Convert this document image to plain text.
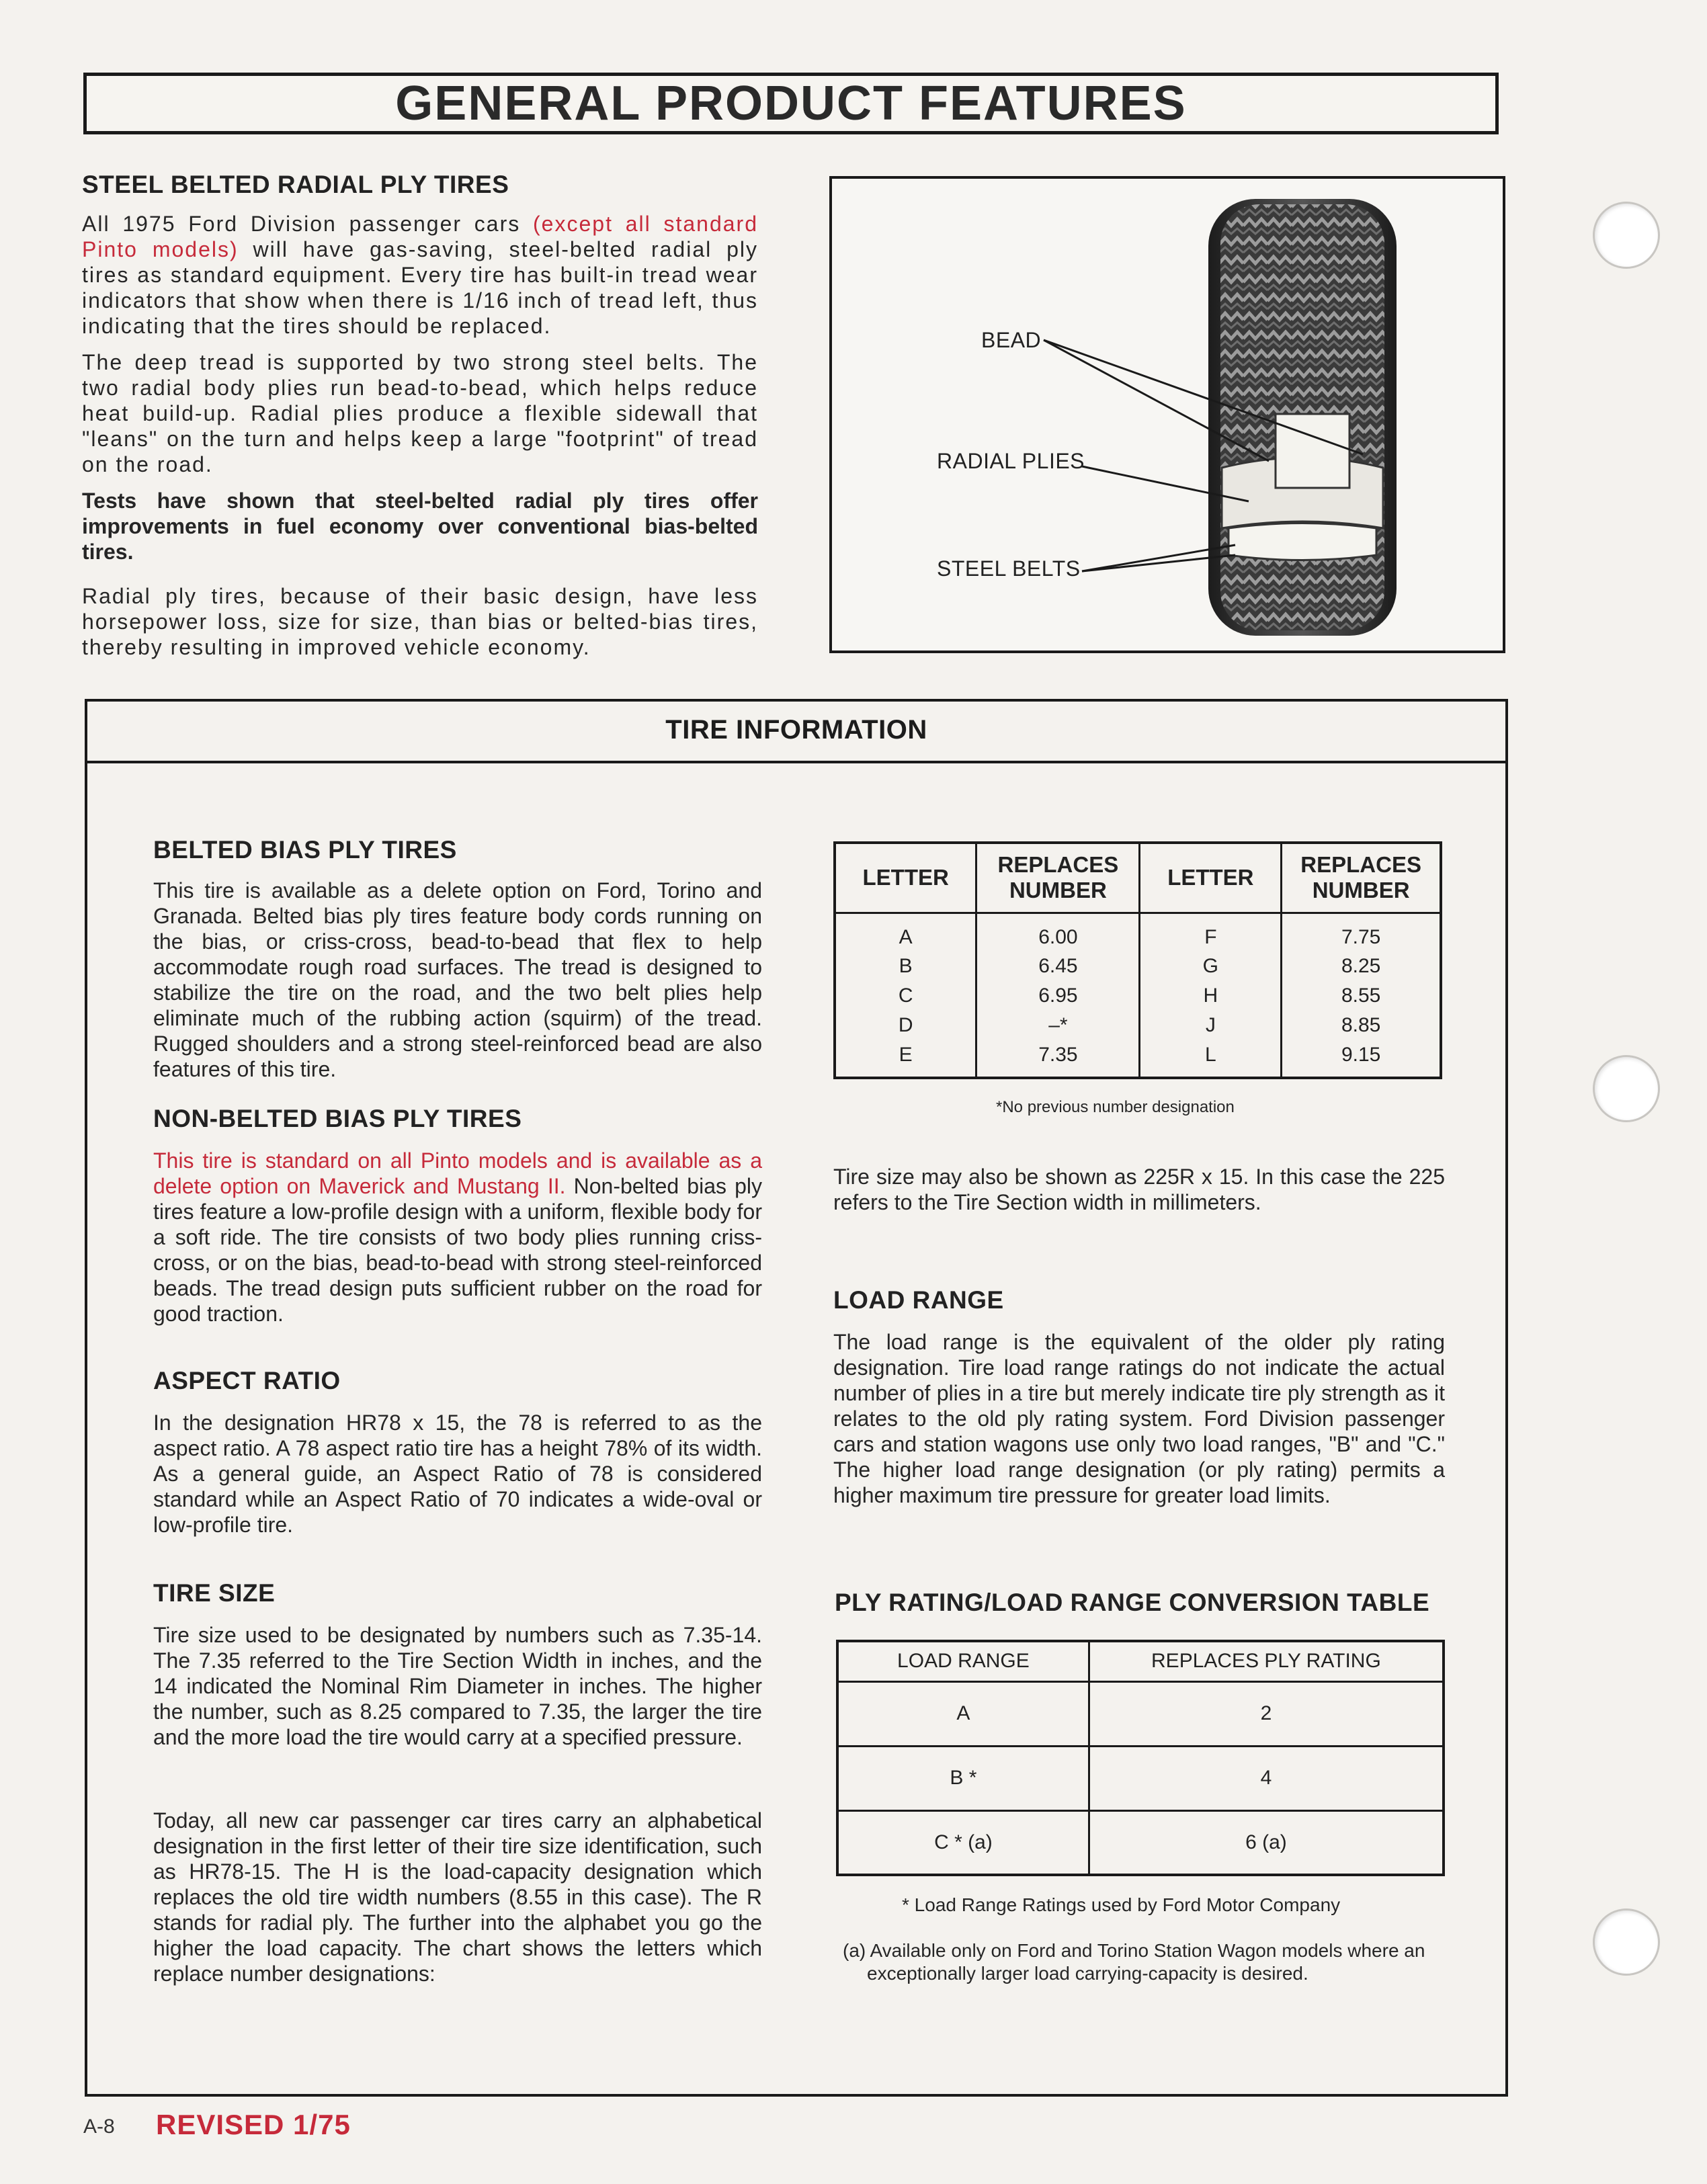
GENERAL PRODUCT FEATURES
STEEL BELTED RADIAL PLY TIRES

All 1975 Ford Division passenger cars (except all standard Pinto models) will have gas-saving, steel-belted radial ply tires as standard equipment. Every tire has built-in tread wear indicators that show when there is 1/16 inch of tread left, thus indicating that the tires should be replaced.

The deep tread is supported by two strong steel belts. The two radial body plies run bead-to-bead, which helps reduce heat build-up. Radial plies produce a flexible sidewall that "leans" on the turn and helps keep a large "footprint" of tread on the road.

Tests have shown that steel-belted radial ply tires offer improvements in fuel economy over conventional bias-belted tires.

Radial ply tires, because of their basic design, have less horsepower loss, size for size, than bias or belted-bias tires, thereby resulting in improved vehicle economy.

BEAD
RADIAL PLIES
STEEL BELTS
TIRE INFORMATION
BELTED BIAS PLY TIRES

This tire is available as a delete option on Ford, Torino and Granada. Belted bias ply tires feature body cords running on the bias, or criss-cross, bead-to-bead that flex to help accommodate rough road surfaces. The tread is designed to stabilize the tire on the road, and the two belt plies help eliminate much of the rubbing action (squirm) of the tread. Rugged shoulders and a strong steel-reinforced bead are also features of this tire.

NON-BELTED BIAS PLY TIRES

This tire is standard on all Pinto models and is available as a delete option on Maverick and Mustang II. Non-belted bias ply tires feature a low-profile design with a uniform, flexible body for a soft ride. The tire consists of two body plies running criss-cross, or on the bias, bead-to-bead with strong steel-reinforced beads. The tread design puts sufficient rubber on the road for good traction.

ASPECT RATIO

In the designation HR78 x 15, the 78 is referred to as the aspect ratio. A 78 aspect ratio tire has a height 78% of its width. As a general guide, an Aspect Ratio of 78 is considered standard while an Aspect Ratio of 70 indicates a wide-oval or low-profile tire.

TIRE SIZE

Tire size used to be designated by numbers such as 7.35-14. The 7.35 referred to the Tire Section Width in inches, and the 14 indicated the Nominal Rim Diameter in inches. The higher the number, such as 8.25 compared to 7.35, the larger the tire and the more load the tire would carry at a specified pressure.

Today, all new car passenger car tires carry an alphabetical designation in the first letter of their tire size identification, such as HR78-15. The H is the load-capacity designation which replaces the old tire width numbers (8.55 in this case). The R stands for radial ply. The further into the alphabet you go the higher the load capacity. The chart shows the letters which replace number designations:

LETTER	REPLACES NUMBER	LETTER	REPLACES NUMBER
A	6.00	F	7.75
B	6.45	G	8.25
C	6.95	H	8.55
D	–*	J	8.85
E	7.35	L	9.15
*No previous number designation

Tire size may also be shown as 225R x 15. In this case the 225 refers to the Tire Section width in millimeters.

LOAD RANGE

The load range is the equivalent of the older ply rating designation. Tire load range ratings do not indicate the actual number of plies in a tire but merely indicate tire ply strength as it relates to the old ply rating system. Ford Division passenger cars and station wagons use only two load ranges, "B" and "C." The higher load range designation (or ply rating) permits a higher maximum tire pressure for greater load limits.

PLY RATING/LOAD RANGE CONVERSION TABLE
LOAD RANGE	REPLACES PLY RATING
A	2
B *	4
C * (a)	6 (a)
* Load Range Ratings used by Ford Motor Company

(a) Available only on Ford and Torino Station Wagon models where an exceptionally larger load carrying-capacity is desired.

A-8 REVISED 1/75
